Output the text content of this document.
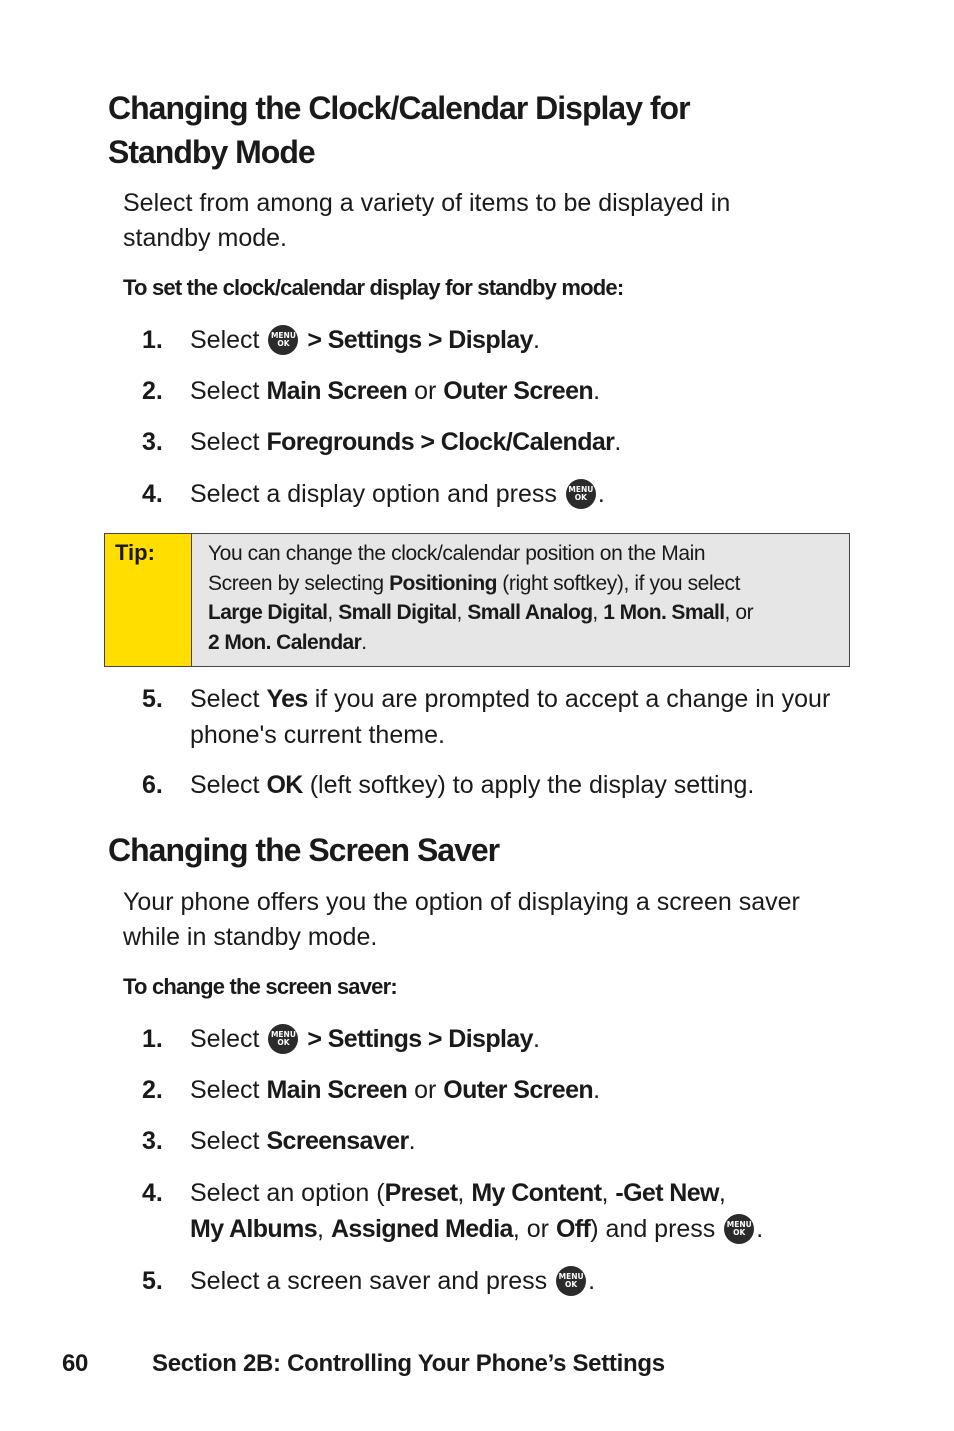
Changing the Clock/Calendar Display for
Standby Mode
Select from among a variety of items to be displayed in
standby mode.
To set the clock/calendar display for standby mode:
1.	Select	MENU
OK > Settings > Display.
2.	Select Main Screen or Outer Screen.
3.	Select Foregrounds > Clock/Calendar.
4.	Select a display option and press	MENU
OK .
Tip:	You can change the clock/calendar position on the Main
Screen by selecting Positioning (right softkey), if you select
Large Digital, Small Digital, Small Analog, 1 Mon. Small, or
2 Mon. Calendar.
5.	Select Yes if you are prompted to accept a change in your
phone's current theme.
6.	Select OK (left softkey) to apply the display setting.
Changing the Screen Saver
Your phone offers you the option of displaying a screen saver
while in standby mode.
To change the screen saver:
1.	Select	MENU
OK > Settings > Display.
2.	Select Main Screen or Outer Screen.
3.	Select Screensaver.
4.	Select an option (Preset, My Content, -Get New,
My Albums, Assigned Media, or Off) and press	MENU
OK .
5.	Select a screen saver and press	MENU
OK .
60	Section 2B: Controlling Your Phone’s Settings
